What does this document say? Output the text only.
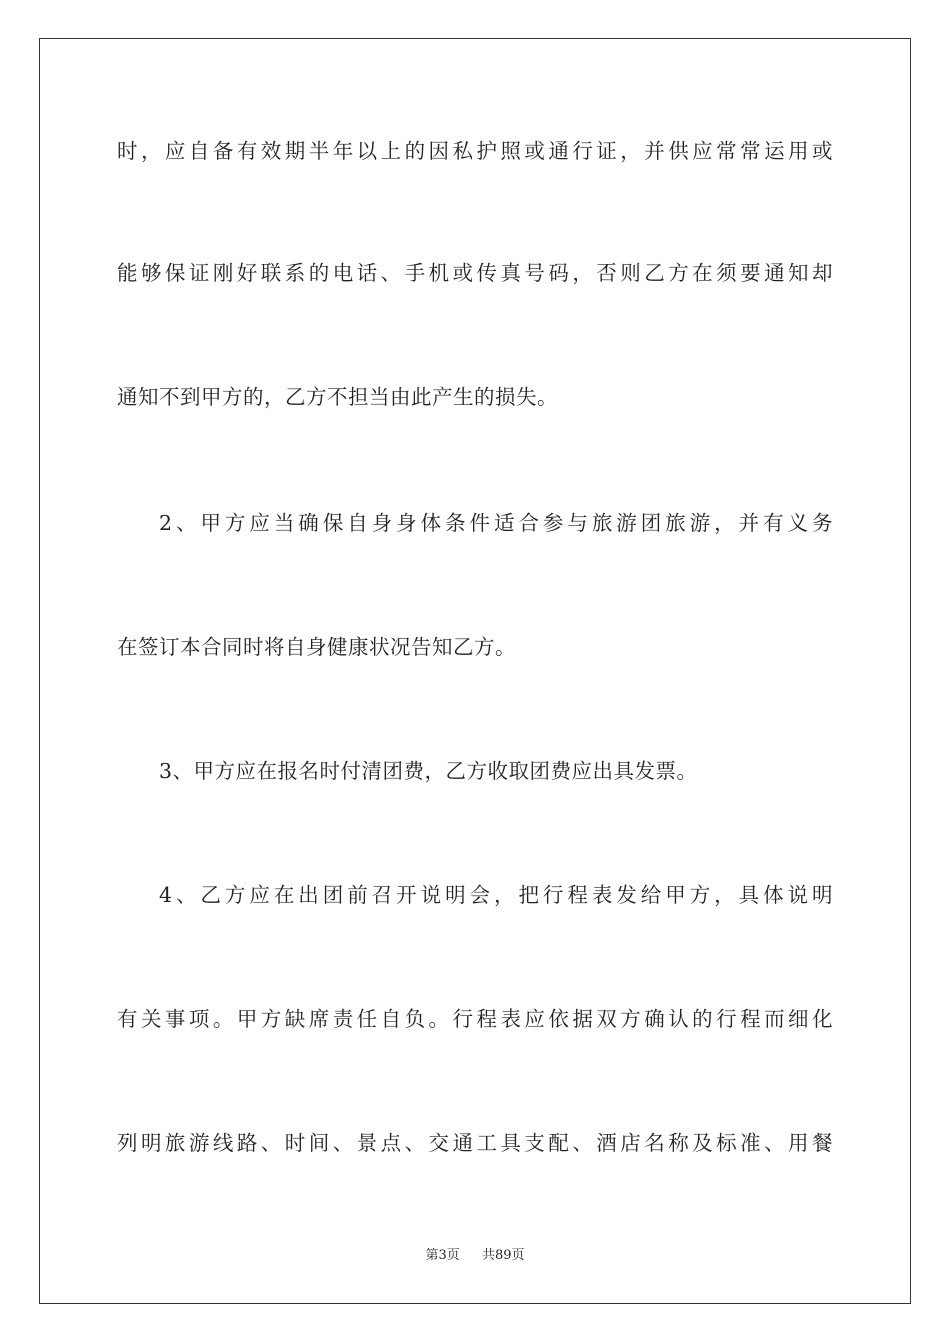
时，应自备有效期半年以上的因私护照或通行证，并供应常常运用或
能够保证刚好联系的电话、手机或传真号码，否则乙方在须要通知却
通知不到甲方的，乙方不担当由此产生的损失。
2、甲方应当确保自身身体条件适合参与旅游团旅游，并有义务
在签订本合同时将自身健康状况告知乙方。
3、甲方应在报名时付清团费，乙方收取团费应出具发票。
4、乙方应在出团前召开说明会，把行程表发给甲方，具体说明
有关事项。甲方缺席责任自负。行程表应依据双方确认的行程而细化
列明旅游线路、时间、景点、交通工具支配、酒店名称及标准、用餐
第3页 共89页
